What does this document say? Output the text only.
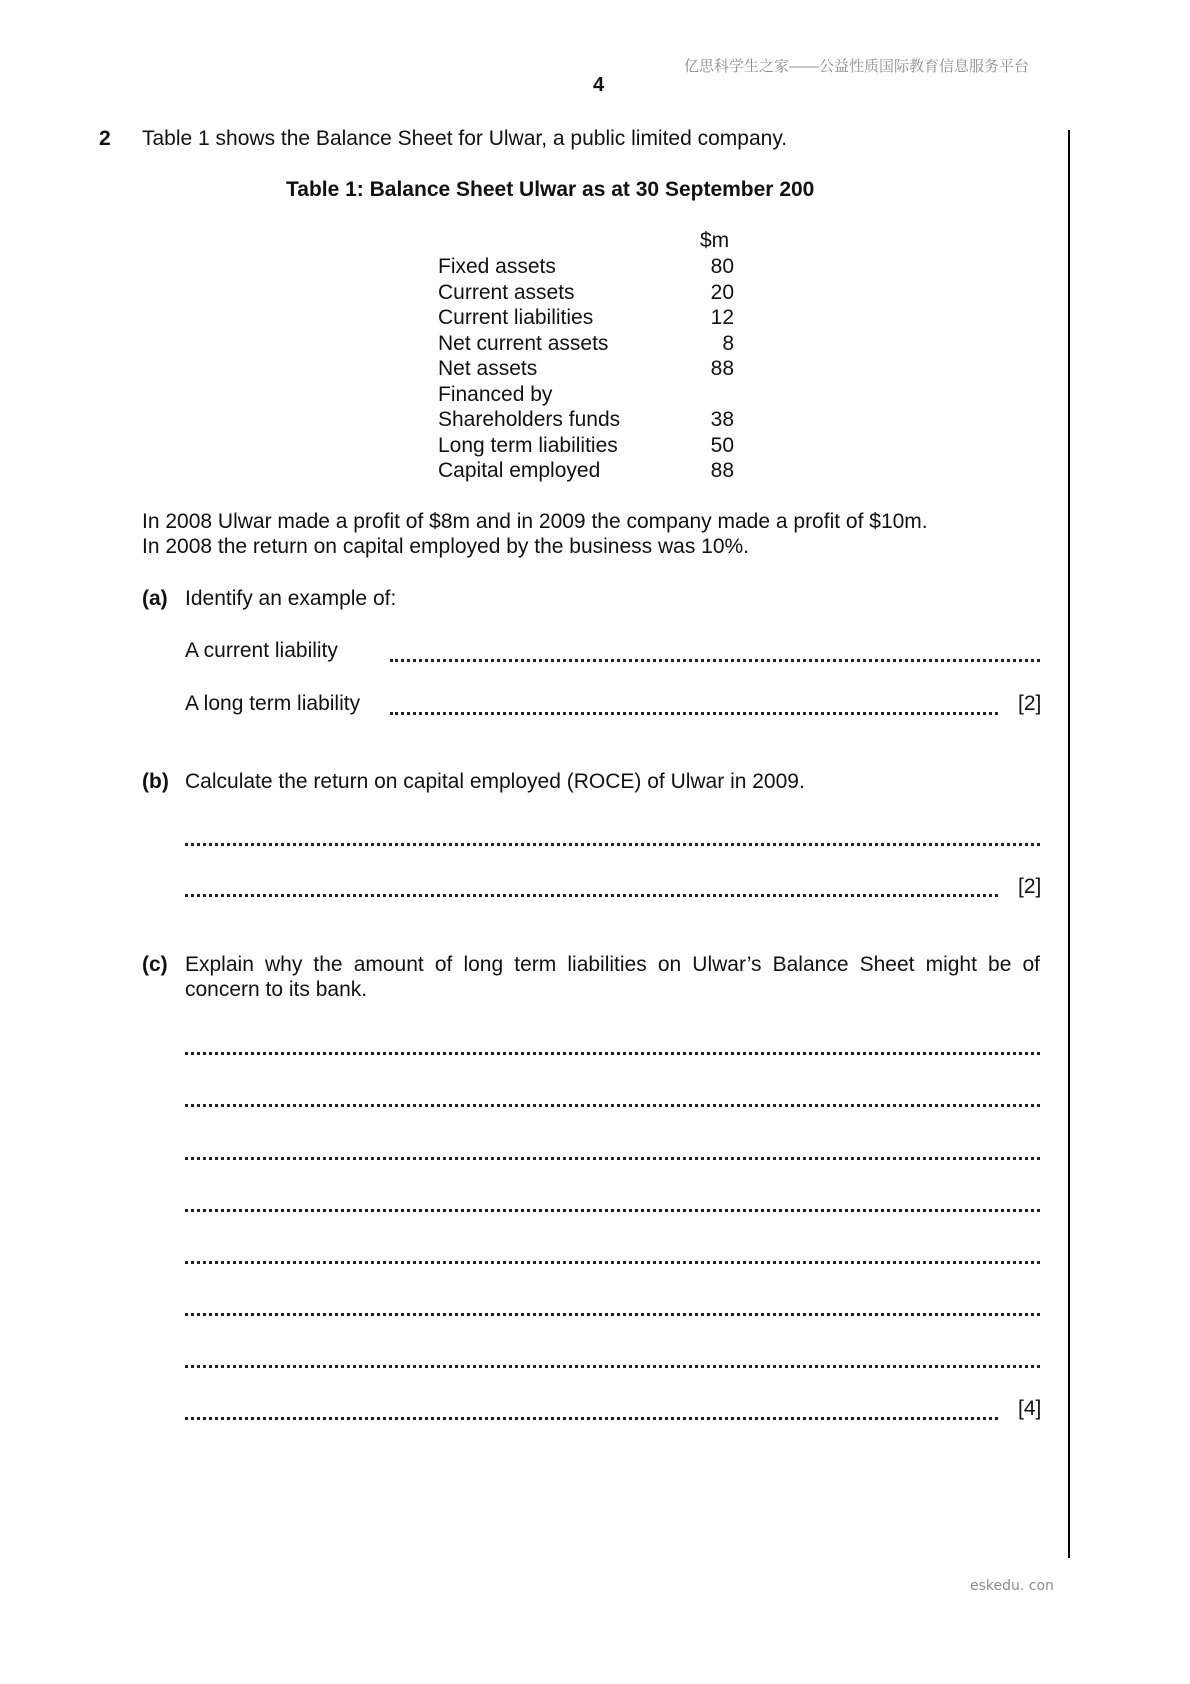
亿思科学生之家——公益性质国际教育信息服务平台
4
2 Table 1 shows the Balance Sheet for Ulwar, a public limited company.
Table 1: Balance Sheet Ulwar as at 30 September 200
$m
Fixed assets	80
Current assets	20
Current liabilities	12
Net current assets	8
Net assets	88
Financed by
Shareholders funds	38
Long term liabilities	50
Capital employed	88
In 2008 Ulwar made a profit of $8m and in 2009 the company made a profit of $10m.
In 2008 the return on capital employed by the business was 10%.
(a) Identify an example of:
A current liability
A long term liability	[2]
(b) Calculate the return on capital employed (ROCE) of Ulwar in 2009.
[2]
(c) Explain why the amount of long term liabilities on Ulwar’s Balance Sheet might be of
concern to its bank.
[4]
eskedu. con
